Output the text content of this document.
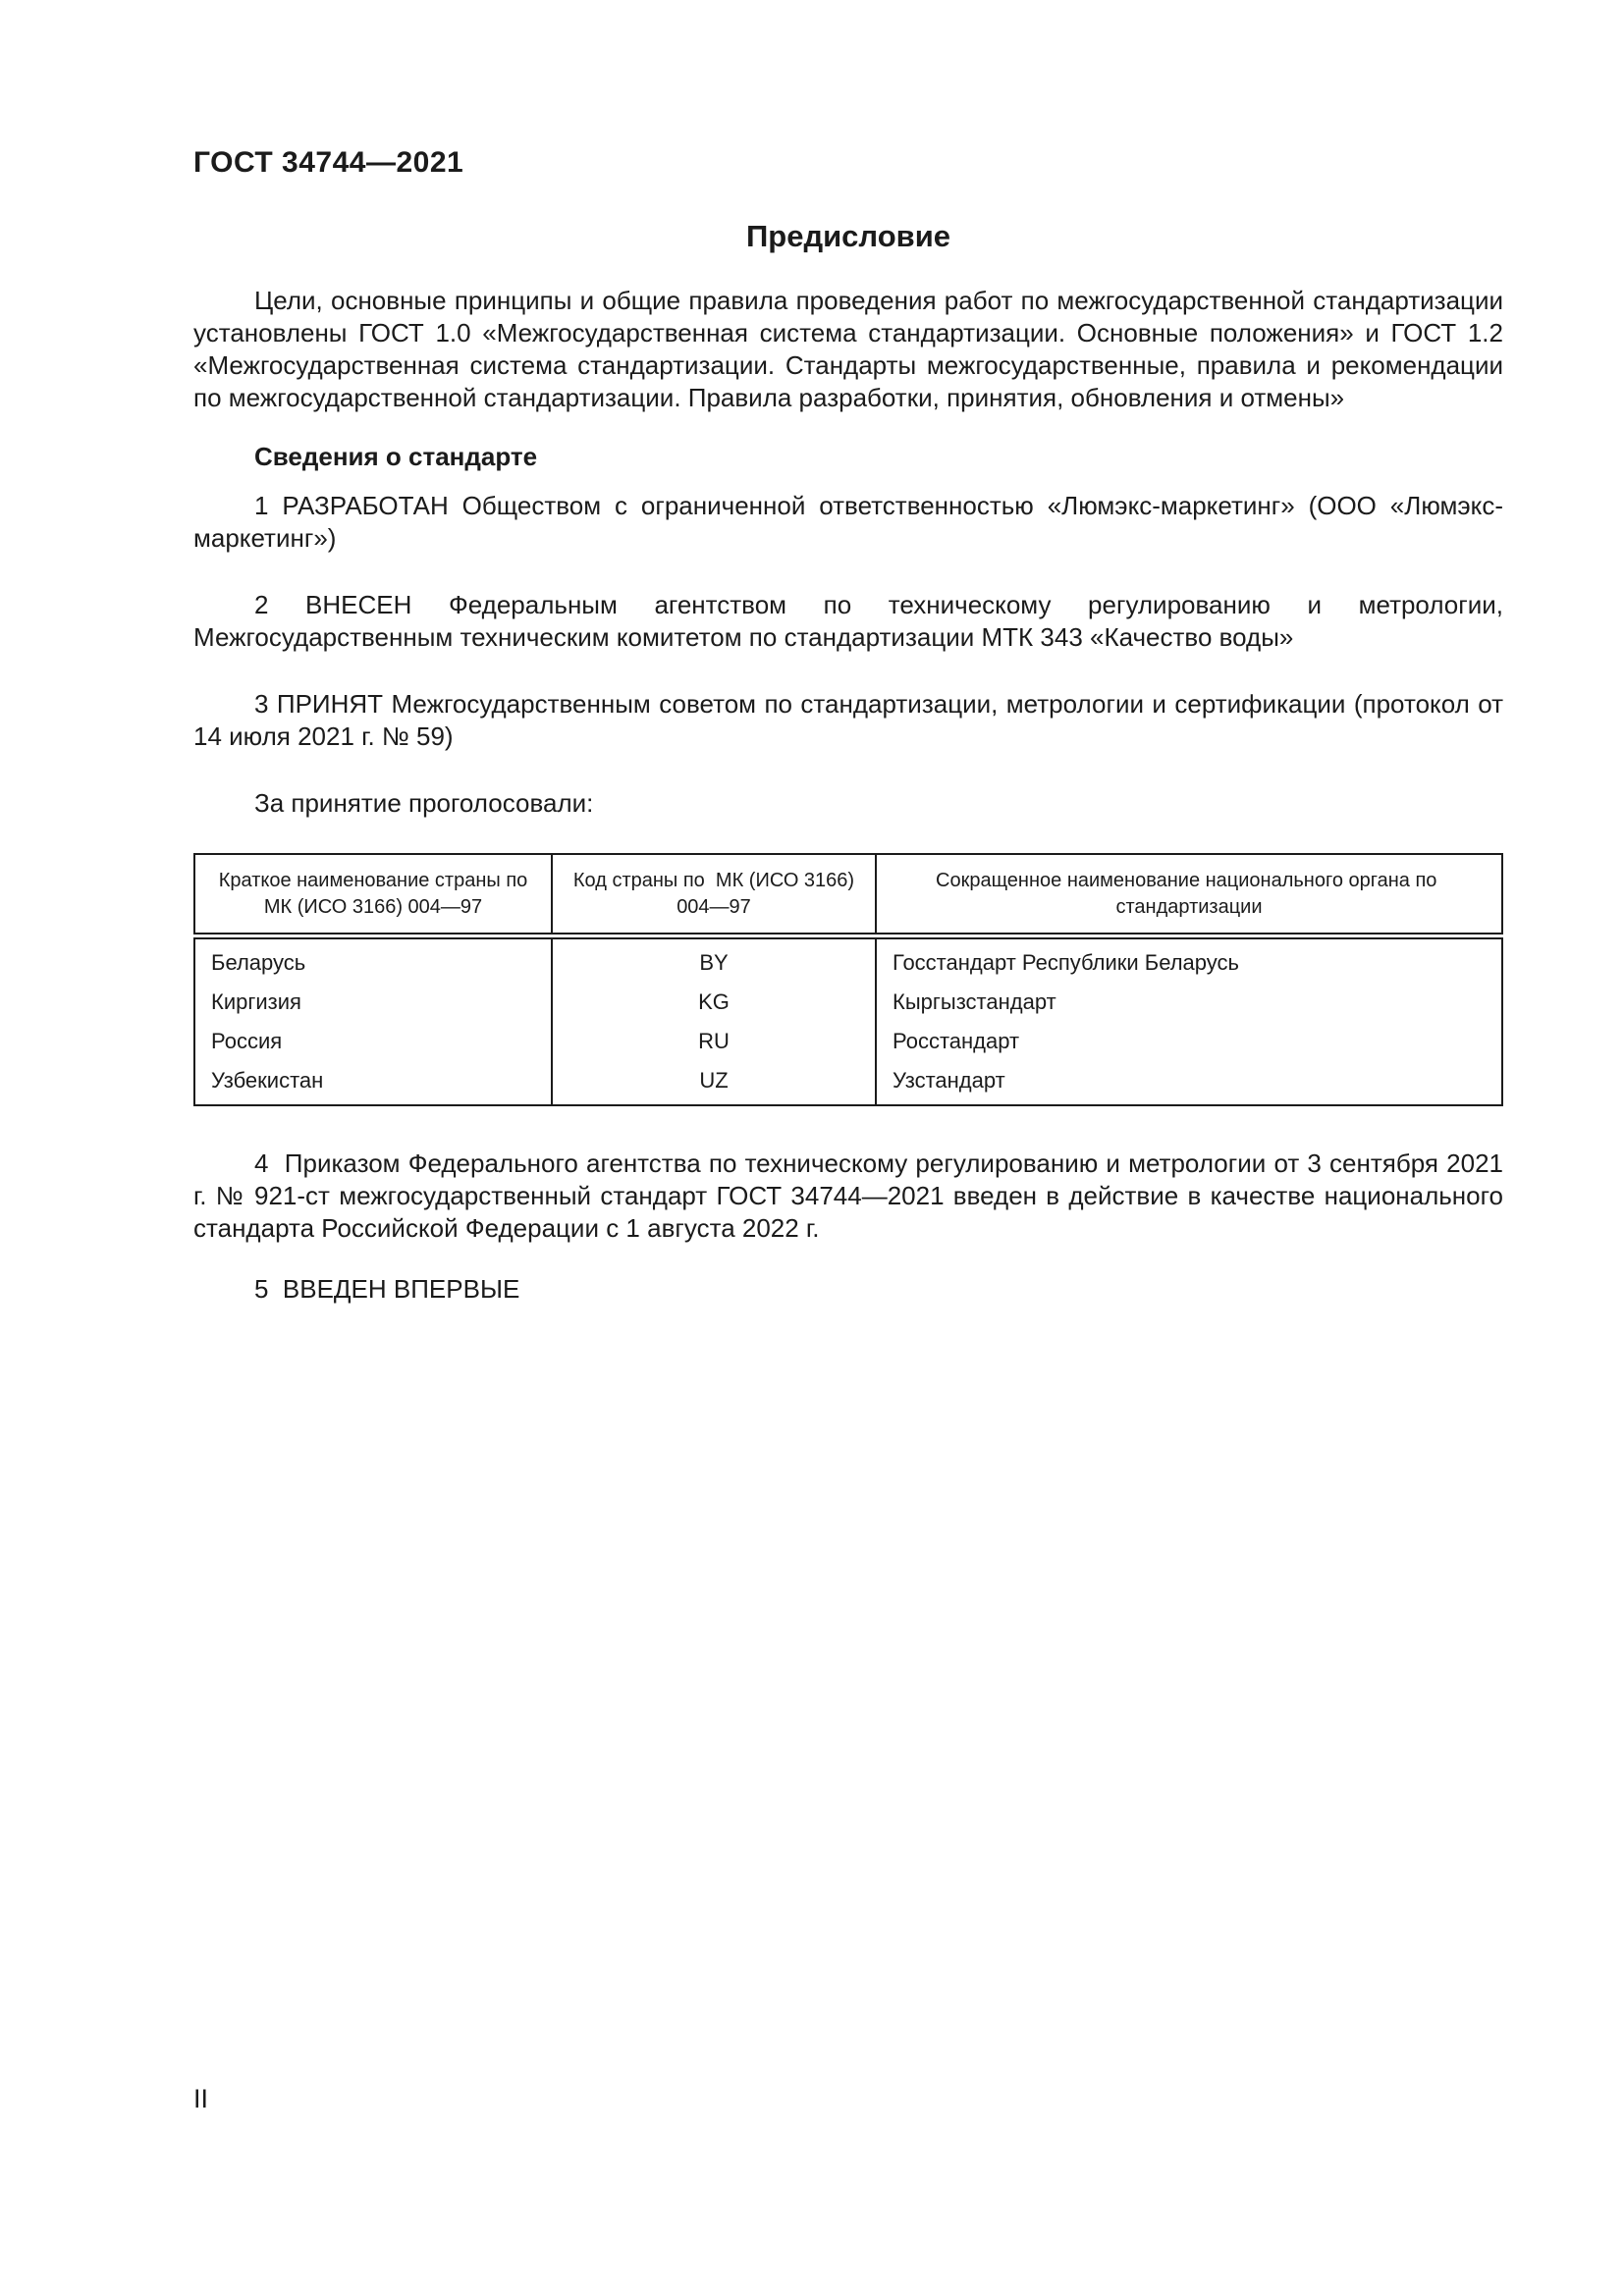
ГОСТ 34744—2021
Предисловие

Цели, основные принципы и общие правила проведения работ по межгосударственной стандартизации установлены ГОСТ 1.0 «Межгосударственная система стандартизации. Основные положения» и ГОСТ 1.2 «Межгосударственная система стандартизации. Стандарты межгосударственные, правила и рекомендации по межгосударственной стандартизации. Правила разработки, принятия, обновления и отмены»

Сведения о стандарте

1 РАЗРАБОТАН Обществом с ограниченной ответственностью «Люмэкс-маркетинг» (ООО «Люмэкс-маркетинг»)

2 ВНЕСЕН Федеральным агентством по техническому регулированию и метрологии, Межгосударственным техническим комитетом по стандартизации МТК 343 «Качество воды»

3 ПРИНЯТ Межгосударственным советом по стандартизации, метрологии и сертификации (протокол от 14 июля 2021 г. № 59)

За принятие проголосовали:

Краткое наименование страны по МК (ИСО 3166) 004—97
Код страны по  МК (ИСО 3166) 004—97
Сокращенное наименование национального органа по  стандартизации
Беларусь
Киргизия
Россия
Узбекистан
BY
KG
RU
UZ
Госстандарт Республики Беларусь
Кыргызстандарт
Росстандарт
Узстандарт

4  Приказом Федерального агентства по техническому регулированию и метрологии от 3 сентября 2021 г. № 921-ст межгосударственный стандарт ГОСТ 34744—2021 введен в действие в качестве национального стандарта Российской Федерации с 1 августа 2022 г.

5  ВВЕДЕН ВПЕРВЫЕ

II
